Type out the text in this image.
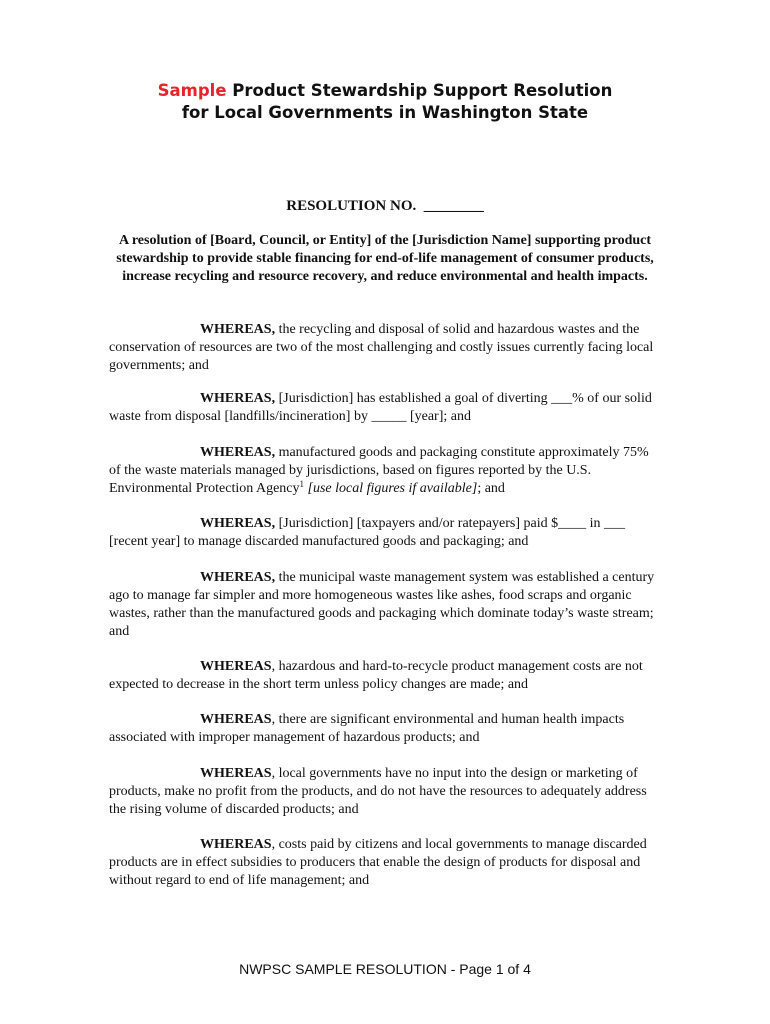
Sample Product Stewardship Support Resolution
for Local Governments in Washington State
RESOLUTION NO. ________
A resolution of [Board, Council, or Entity] of the [Jurisdiction Name] supporting product stewardship to provide stable financing for end-of-life management of consumer products, increase recycling and resource recovery, and reduce environmental and health impacts.
WHEREAS, the recycling and disposal of solid and hazardous wastes and the conservation of resources are two of the most challenging and costly issues currently facing local governments; and
WHEREAS, [Jurisdiction] has established a goal of diverting ___% of our solid waste from disposal [landfills/incineration] by _____ [year]; and
WHEREAS, manufactured goods and packaging constitute approximately 75% of the waste materials managed by jurisdictions, based on figures reported by the U.S. Environmental Protection Agency$^1$ [use local figures if available]; and
WHEREAS, [Jurisdiction] [taxpayers and/or ratepayers] paid $____ in ___ [recent year] to manage discarded manufactured goods and packaging; and
WHEREAS, the municipal waste management system was established a century ago to manage far simpler and more homogeneous wastes like ashes, food scraps and organic wastes, rather than the manufactured goods and packaging which dominate today’s waste stream; and
WHEREAS, hazardous and hard-to-recycle product management costs are not expected to decrease in the short term unless policy changes are made; and
WHEREAS, there are significant environmental and human health impacts associated with improper management of hazardous products; and
WHEREAS, local governments have no input into the design or marketing of products, make no profit from the products, and do not have the resources to adequately address the rising volume of discarded products; and
WHEREAS, costs paid by citizens and local governments to manage discarded products are in effect subsidies to producers that enable the design of products for disposal and without regard to end of life management; and
NWPSC SAMPLE RESOLUTION - Page 1 of 4
